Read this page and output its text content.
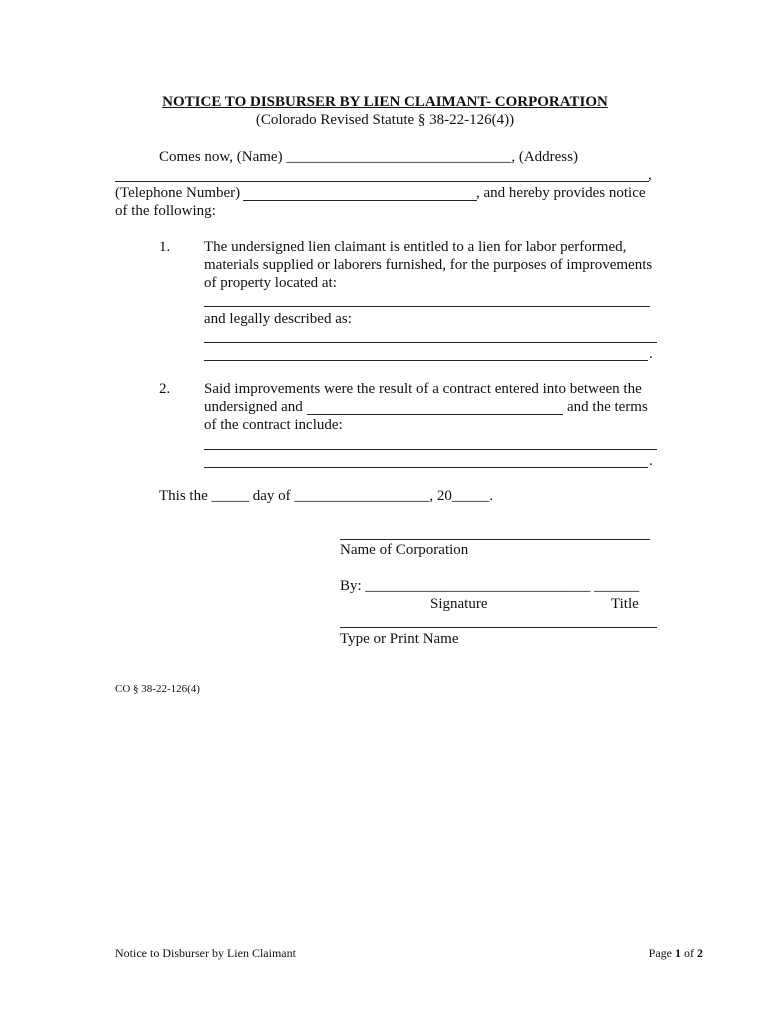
NOTICE TO DISBURSER BY LIEN CLAIMANT- CORPORATION
(Colorado Revised Statute § 38-22-126(4))
Comes now, (Name) ______________________________, (Address)
,
(Telephone Number)	, and hereby provides notice
of the following:
1. The undersigned lien claimant is entitled to a lien for labor performed,
materials supplied or laborers furnished, for the purposes of improvements
of property located at:
and legally described as:
.
2. Said improvements were the result of a contract entered into between the
undersigned and	and the terms
of the contract include:
.
This the _____ day of __________________, 20_____.
Name of Corporation
By: ______________________________ ______
Signature	Title
Type or Print Name
CO § 38-22-126(4)
Notice to Disburser by Lien Claimant	Page 1 of 2
